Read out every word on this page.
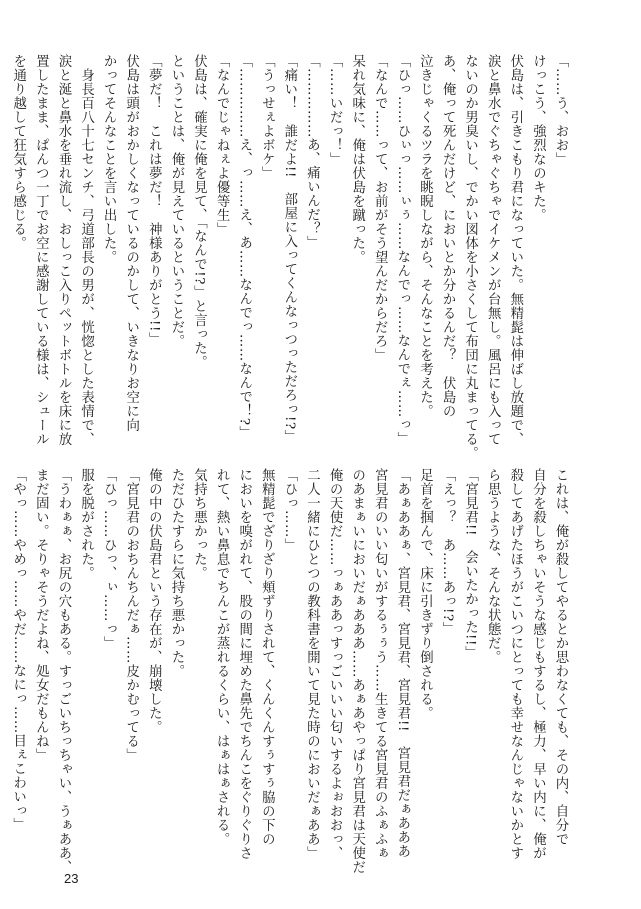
「……う、おお」

けっこう、強烈なのキた。

伏島は、引きこもり君になっていた。無精髭は伸ばし放題で、

涙と鼻水でぐちゃぐちゃでイケメンが台無し。風呂にも入って

ないのか男臭いし、でかい図体を小さくして布団に丸まってる。

あ、俺って死んだけど、においとか分かるんだ？　伏島の

泣きじゃくるツラを眺睨しながら、そんなことを考えた。

「ひっ……ひぃっ……ぃぅ……なんでっ……なんでぇ……っ」

「なんで……って、お前がそう望んだからだろ」

呆れ気味に、俺は伏島を蹴った。

「……いだっ！」

「……………あ、痛いんだ？」

「痛い！　誰だよ!!　部屋に入ってくんなっつっただろっ!?」

「うっせぇよボケ」

「……………え、っ……え、あ……なんでっ……なんで！?」

「なんでじゃねぇよ優等生」

伏島は、確実に俺を見て、「なんで!?」と言った。

ということは、俺が見えているということだ。

「夢だ！　これは夢だ！　神様ありがとう!!」

伏島は頭がおかしくなっているのかして、いきなりお空に向

かってそんなことを言い出した。

　身長百八十七センチ、弓道部長の男が、恍惚とした表情で、

涙と涎と鼻水を垂れ流し、おしっこ入りペットボトルを床に放

置したまま、ぱんつ一丁でお空に感謝している様は、シュール

を通り越して狂気すら感じる。

これは、俺が殺してやるとか思わなくても、その内、自分で

自分を殺しちゃいそうな感じもするし、極力、早い内に、俺が

殺してあげたほうがこいつにとっても幸せなんじゃないかとす

ら思うような、そんな状態だ。

「宮見君!!　会いたかった!!」

「えっ？　あ……あっ!?」

足首を掴んで、床に引きずり倒される。

「あぁああぁ、宮見君、宮見君、宮見君!!　宮見君だぁあああ

宮見君のいい匂いがするぅぅう……生きてる宮見君のふぁふぁ

のあまぁいにおいだぁあああ……あぁあやっぱり宮見君は天使だ

俺の天使だ……っぁああっすっごいいい匂いするよぉおおっ、

二人一緒にひとつの教科書を開いて見た時のにおいだぁああ」

「ひっ……」

無精髭でざりざり頬ずりされて、くんくんすぅすぅ脇の下の

においを嗅がれて、股の間に埋めた鼻先でちんこをぐりぐりさ

れて、熱い鼻息でちんこが蒸れるくらい、はぁはぁされる。

気持ち悪かった。

ただひたすらに気持ち悪かった。

俺の中の伏島君という存在が、崩壊した。

「宮見君のおちんちんだぁ……皮かむってる」

「ひっ……ひっ、ぃ……っ」

服を脱がされた。

「うわぁぁ、お尻の穴もある。すっごいちっちゃい、うぁああ、

まだ固い。そりゃそうだよね、処女だもんね」

「やっ……やめっ……やだ……なにっ……目ぇこわいっ」

23
